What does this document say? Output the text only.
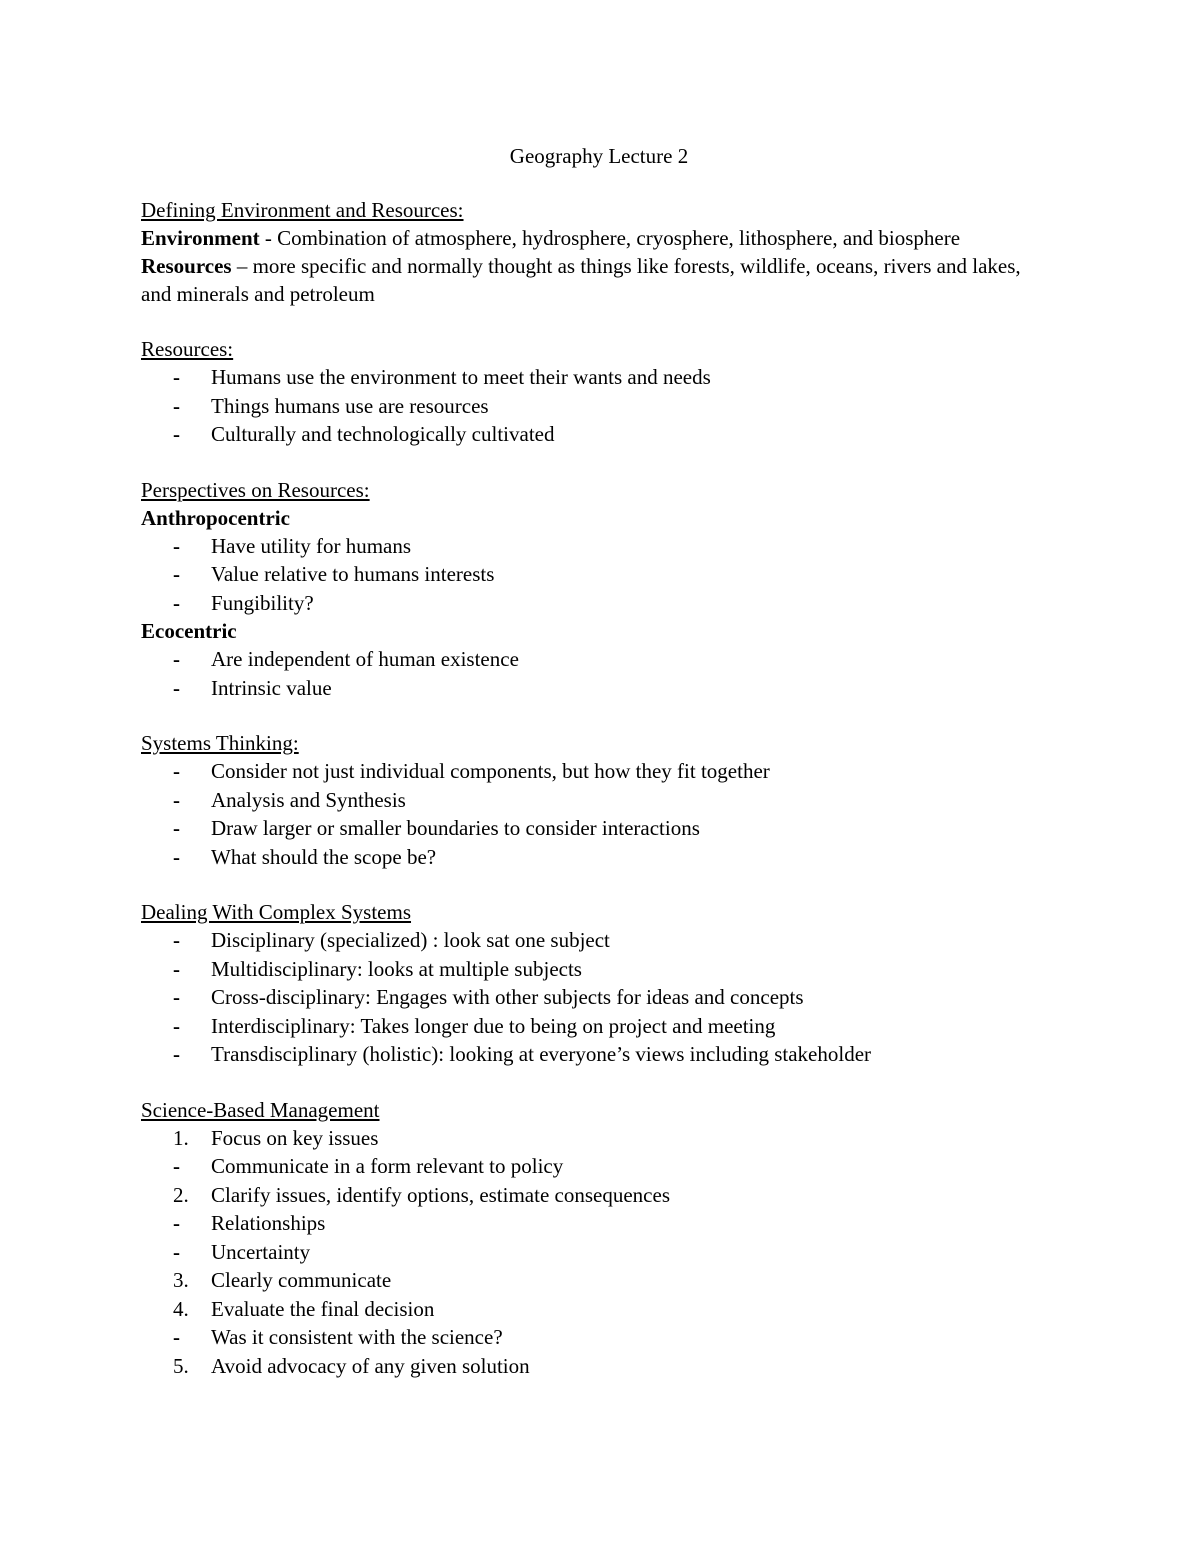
Geography Lecture 2
Defining Environment and Resources:
Environment - Combination of atmosphere, hydrosphere, cryosphere, lithosphere, and biosphere
Resources – more specific and normally thought as things like forests, wildlife, oceans, rivers and lakes, and minerals and petroleum
Resources:
-	Humans use the environment to meet their wants and needs
-	Things humans use are resources
-	Culturally and technologically cultivated
Perspectives on Resources:
Anthropocentric
-	Have utility for humans
-	Value relative to humans interests
-	Fungibility?
Ecocentric
-	Are independent of human existence
-	Intrinsic value
Systems Thinking:
-	Consider not just individual components, but how they fit together
-	Analysis and Synthesis
-	Draw larger or smaller boundaries to consider interactions
-	What should the scope be?
Dealing With Complex Systems
-	Disciplinary (specialized) : look sat one subject
-	Multidisciplinary: looks at multiple subjects
-	Cross-disciplinary: Engages with other subjects for ideas and concepts
-	Interdisciplinary: Takes longer due to being on project and meeting
-	Transdisciplinary (holistic): looking at everyone’s views including stakeholder
Science-Based Management
1.	Focus on key issues
-	Communicate in a form relevant to policy
2.	Clarify issues, identify options, estimate consequences
-	Relationships
-	Uncertainty
3.	Clearly communicate
4.	Evaluate the final decision
-	Was it consistent with the science?
5.	Avoid advocacy of any given solution
